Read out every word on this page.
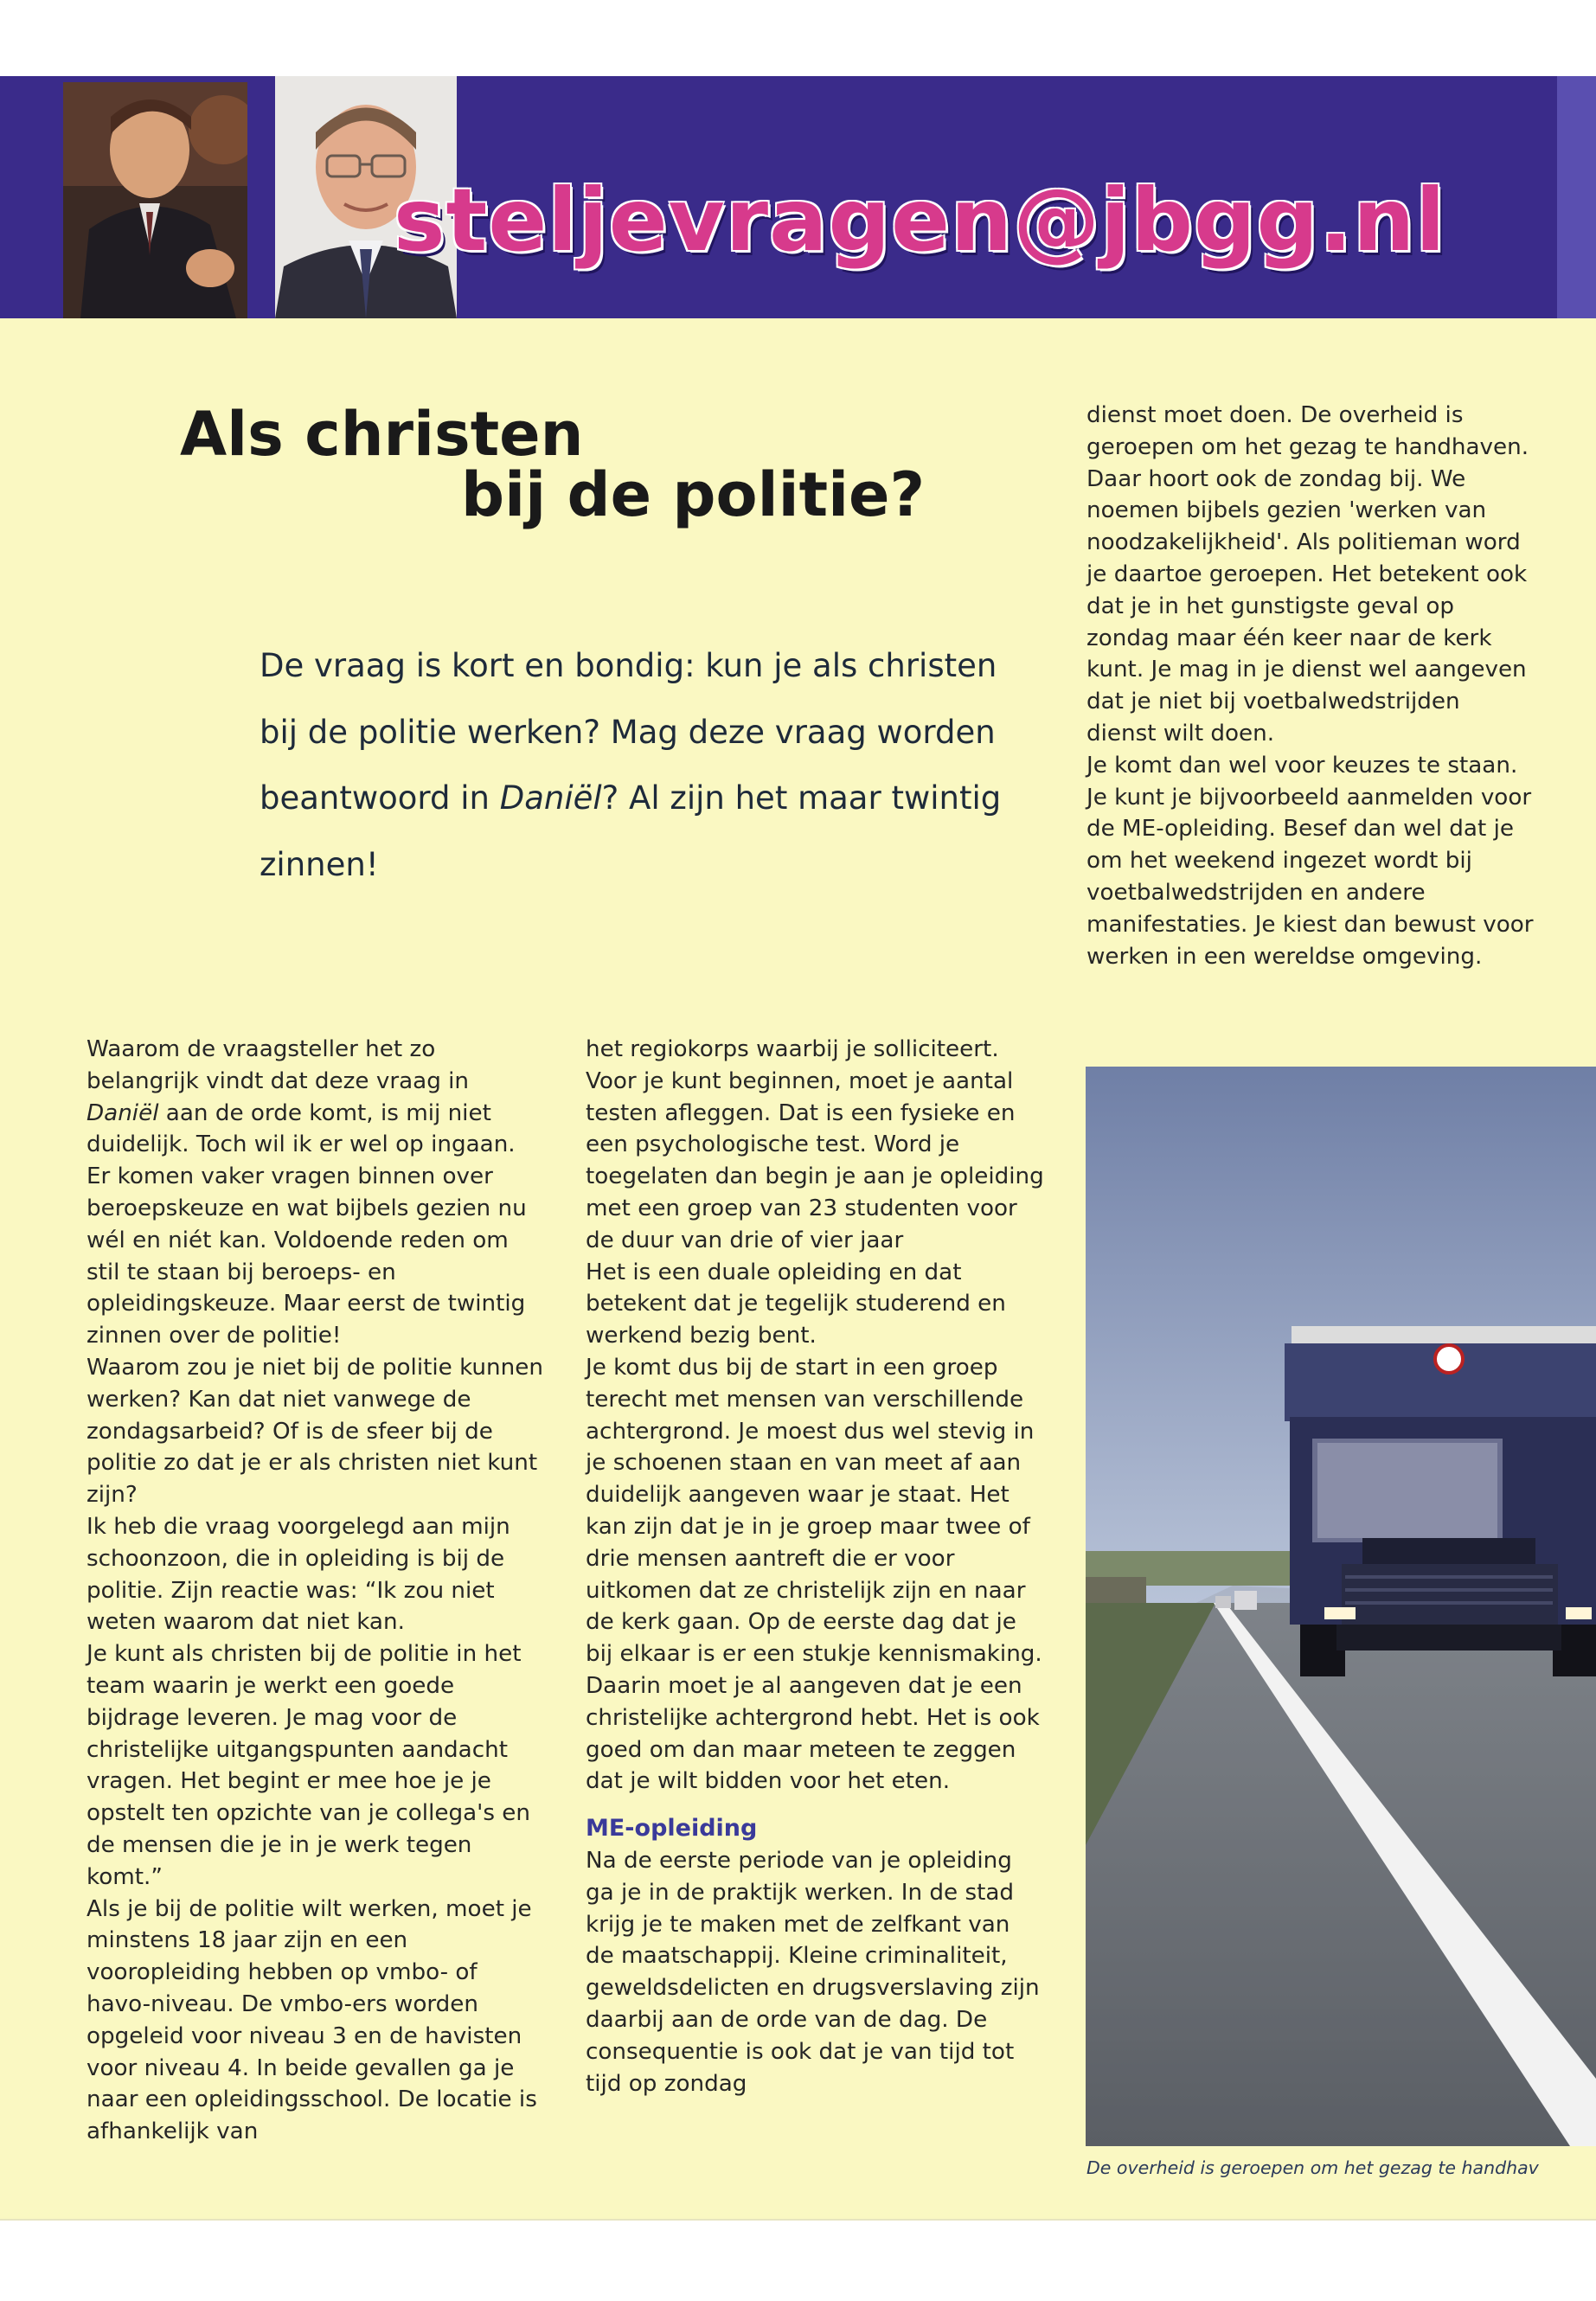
steljevragen@jbgg.nl
Als christen
bij de politie?
De vraag is kort en bondig: kun je als christen bij de politie werken? Mag deze vraag worden beantwoord in Daniël? Al zijn het maar twintig zinnen!

Waarom de vraagsteller het zo belangrijk vindt dat deze vraag in Daniël aan de orde komt, is mij niet duidelijk. Toch wil ik er wel op ingaan. Er komen vaker vragen binnen over beroepskeuze en wat bijbels gezien nu wél en niét kan. Voldoende reden om stil te staan bij beroeps- en opleidingskeuze. Maar eerst de twintig zinnen over de politie!

Waarom zou je niet bij de politie kunnen werken? Kan dat niet vanwege de zondagsarbeid? Of is de sfeer bij de politie zo dat je er als christen niet kunt zijn?

Ik heb die vraag voorgelegd aan mijn schoonzoon, die in opleiding is bij de politie. Zijn reactie was: “Ik zou niet weten waarom dat niet kan.

Je kunt als christen bij de politie in het team waarin je werkt een goede bijdrage leveren. Je mag voor de christelijke uitgangspunten aandacht vragen. Het begint er mee hoe je je opstelt ten opzichte van je collega's en de mensen die je in je werk tegen komt.”

Als je bij de politie wilt werken, moet je minstens 18 jaar zijn en een vooropleiding hebben op vmbo- of havo-niveau. De vmbo-ers worden opgeleid voor niveau 3 en de havisten voor niveau 4. In beide gevallen ga je naar een opleidingsschool. De locatie is afhankelijk van

het regiokorps waarbij je solliciteert. Voor je kunt beginnen, moet je aantal testen afleggen. Dat is een fysieke en een psychologische test. Word je toegelaten dan begin je aan je opleiding met een groep van 23 studenten voor de duur van drie of vier jaar

Het is een duale opleiding en dat betekent dat je tegelijk studerend en werkend bezig bent.

Je komt dus bij de start in een groep terecht met mensen van verschillende achtergrond. Je moest dus wel stevig in je schoenen staan en van meet af aan duidelijk aangeven waar je staat. Het kan zijn dat je in je groep maar twee of drie mensen aantreft die er voor uitkomen dat ze christelijk zijn en naar de kerk gaan. Op de eerste dag dat je bij elkaar is er een stukje kennismaking. Daarin moet je al aangeven dat je een christelijke achtergrond hebt. Het is ook goed om dan maar meteen te zeggen dat je wilt bidden voor het eten.

ME-opleiding

Na de eerste periode van je opleiding ga je in de praktijk werken. In de stad krijg je te maken met de zelfkant van de maatschappij. Kleine criminaliteit, geweldsdelicten en drugsverslaving zijn daarbij aan de orde van de dag. De consequentie is ook dat je van tijd tot tijd op zondag

dienst moet doen. De overheid is geroepen om het gezag te handhaven. Daar hoort ook de zondag bij. We noemen bijbels gezien 'werken van noodzakelijkheid'. Als politieman word je daartoe geroepen. Het betekent ook dat je in het gunstigste geval op zondag maar één keer naar de kerk kunt. Je mag in je dienst wel aangeven dat je niet bij voetbalwedstrijden dienst wilt doen.

Je komt dan wel voor keuzes te staan. Je kunt je bijvoorbeeld aanmelden voor de ME-opleiding. Besef dan wel dat je om het weekend ingezet wordt bij voetbalwedstrijden en andere manifestaties. Je kiest dan bewust voor werken in een wereldse omgeving.

De overheid is geroepen om het gezag te handhav
